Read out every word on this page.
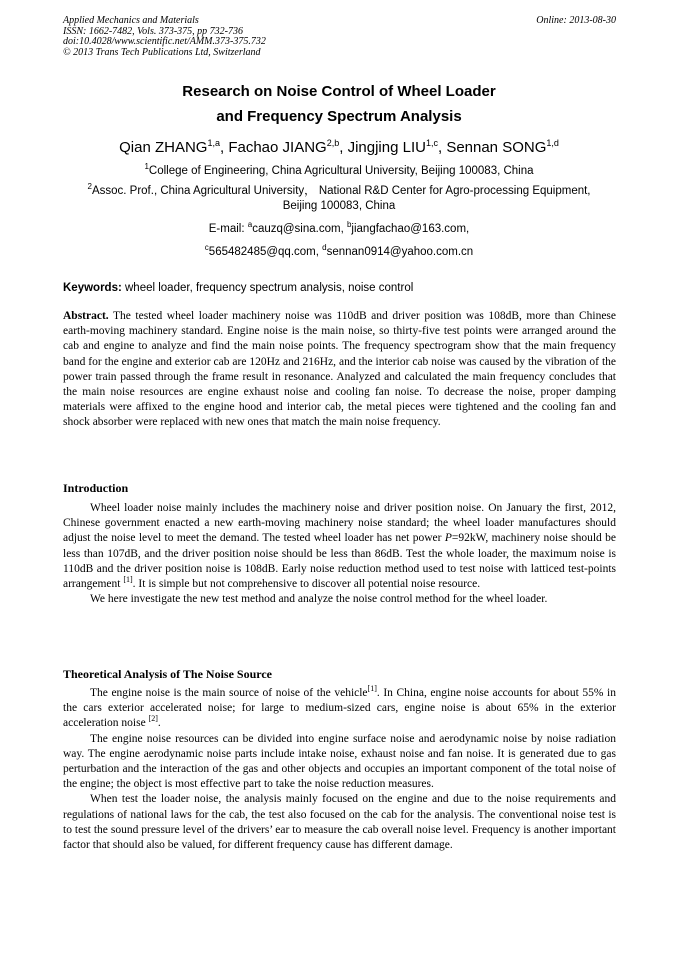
Applied Mechanics and Materials
ISSN: 1662-7482, Vols. 373-375, pp 732-736
doi:10.4028/www.scientific.net/AMM.373-375.732
© 2013 Trans Tech Publications Ltd, Switzerland
Online: 2013-08-30
Research on Noise Control of Wheel Loader
and Frequency Spectrum Analysis
Qian ZHANG$^{1,a}$, Fachao JIANG$^{2,b}$, Jingjing LIU$^{1,c}$, Sennan SONG$^{1,d}$
$^1$College of Engineering, China Agricultural University, Beijing 100083, China
$^2$Assoc. Prof., China Agricultural University， National R&D Center for Agro-processing Equipment,
Beijing 100083, China
E-mail: $^a$cauzq@sina.com, $^b$jiangfachao@163.com,
$^c$565482485@qq.com, $^d$sennan0914@yahoo.com.cn
Keywords: wheel loader, frequency spectrum analysis, noise control

Abstract. The tested wheel loader machinery noise was 110dB and driver position was 108dB, more than Chinese earth-moving machinery standard. Engine noise is the main noise, so thirty-five test points were arranged around the cab and engine to analyze and find the main noise points. The frequency spectrogram show that the main frequency band for the engine and exterior cab are 120Hz and 216Hz, and the interior cab noise was caused by the vibration of the power train passed through the frame result in resonance. Analyzed and calculated the main frequency concludes that the main noise resources are engine exhaust noise and cooling fan noise. To decrease the noise, proper damping materials were affixed to the engine hood and interior cab, the metal pieces were tightened and the cooling fan and shock absorber were replaced with new ones that match the main noise frequency.

Introduction

Wheel loader noise mainly includes the machinery noise and driver position noise. On January the first, 2012, Chinese government enacted a new earth-moving machinery noise standard; the wheel loader manufactures should adjust the noise level to meet the demand. The tested wheel loader has net power P=92kW, machinery noise should be less than 107dB, and the driver position noise should be less than 86dB. Test the whole loader, the maximum noise is 110dB and the driver position noise is 108dB. Early noise reduction method used to test noise with latticed test-points arrangement [1]. It is simple but not comprehensive to discover all potential noise resource.

We here investigate the new test method and analyze the noise control method for the wheel loader.

Theoretical Analysis of The Noise Source

The engine noise is the main source of noise of the vehicle[1]. In China, engine noise accounts for about 55% in the cars exterior accelerated noise; for large to medium-sized cars, engine noise is about 65% in the exterior acceleration noise [2].

The engine noise resources can be divided into engine surface noise and aerodynamic noise by noise radiation way. The engine aerodynamic noise parts include intake noise, exhaust noise and fan noise. It is generated due to gas perturbation and the interaction of the gas and other objects and occupies an important component of the total noise of the engine; the object is most effective part to take the noise reduction measures.

When test the loader noise, the analysis mainly focused on the engine and due to the noise requirements and regulations of national laws for the cab, the test also focused on the cab for the analysis. The conventional noise test is to test the sound pressure level of the drivers’ ear to measure the cab overall noise level. Frequency is another important factor that should also be valued, for different frequency cause has different damage.
